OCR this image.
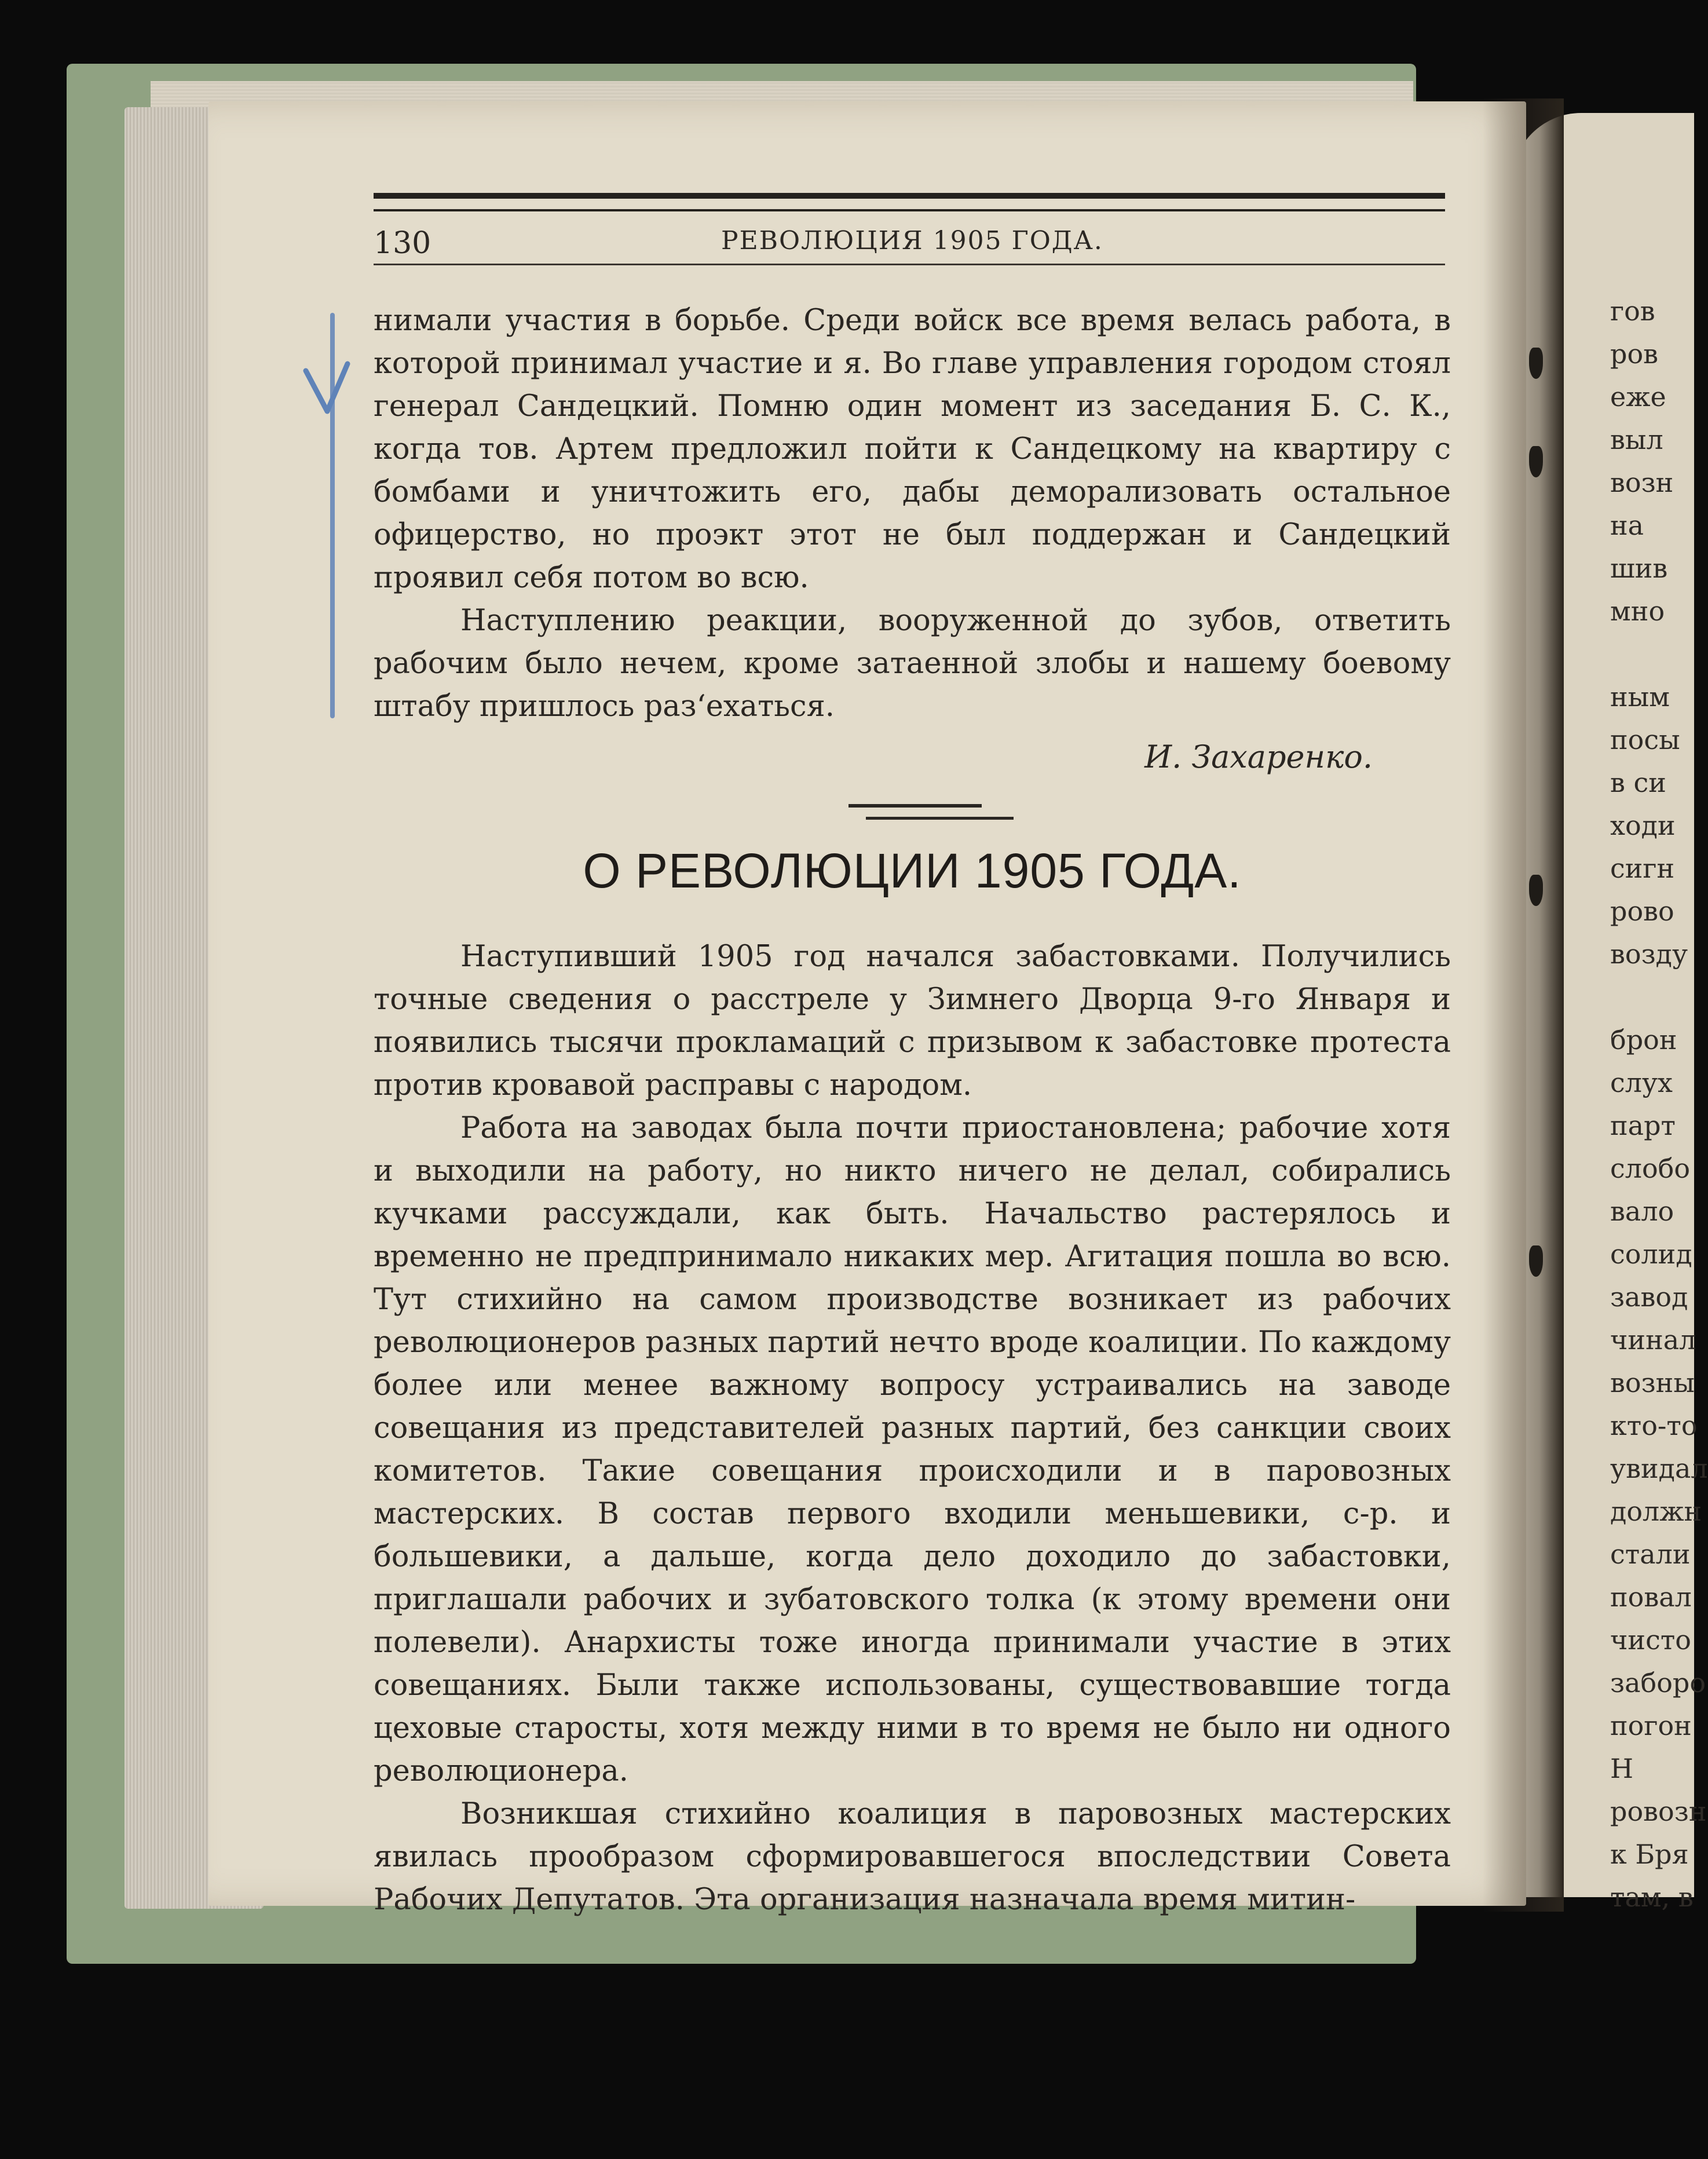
гов
ров
еже
выл
возн
на
шив
мно
ным
посы
в си
ходи
сигн
рово
возду
брон
слух
парт
слобо
вало
солид
завод
чинал
возны
кто-то
увидал
должн
стали
повал
чисто
заборо
погон
Н
ровозн
к Бря
там, в
130	РЕВОЛЮЦИЯ 1905 ГОДА.

нимали участия в борьбе. Среди войск все время велась работа, в которой принимал участие и я. Во главе управления городом стоял генерал Сандецкий. Помню один момент из заседания Б. С. К., когда тов. Артем предложил пойти к Сандецкому на квартиру с бомбами и уничтожить его, дабы деморализовать остальное офицерство, но проэкт этот не был поддержан и Сандецкий проявил себя потом во всю.

Наступлению реакции, вооруженной до зубов, ответить рабочим было нечем, кроме затаенной злобы и нашему боевому штабу пришлось раз‘ехаться.

И. Захаренко.
О РЕВОЛЮЦИИ 1905 ГОДА.

Наступивший 1905 год начался забастовками. Получились точные сведения о расстреле у Зимнего Дворца 9-го Января и появились тысячи прокламаций с призывом к забастовке протеста против кровавой расправы с народом.

Работа на заводах была почти приостановлена; рабочие хотя и выходили на работу, но никто ничего не делал, собирались кучками рассуждали, как быть. Начальство растерялось и временно не предпринимало никаких мер. Агитация пошла во всю. Тут стихийно на самом производстве возникает из рабочих революционеров разных партий нечто вроде коалиции. По каждому более или менее важному вопросу устраивались на заводе совещания из представителей разных партий, без санкции своих комитетов. Такие совещания происходили и в паровозных мастерских. В состав первого входили меньшевики, с-р. и большевики, а дальше, когда дело доходило до забастовки, приглашали рабочих и зубатовского толка (к этому времени они полевели). Анархисты тоже иногда принимали участие в этих совещаниях. Были также использованы, существовавшие тогда цеховые старосты, хотя между ними в то время не было ни одного революционера.

Возникшая стихийно коалиция в паровозных мастерских явилась прообразом сформировавшегося впоследствии Совета Рабочих Депутатов. Эта организация назначала время митин-
